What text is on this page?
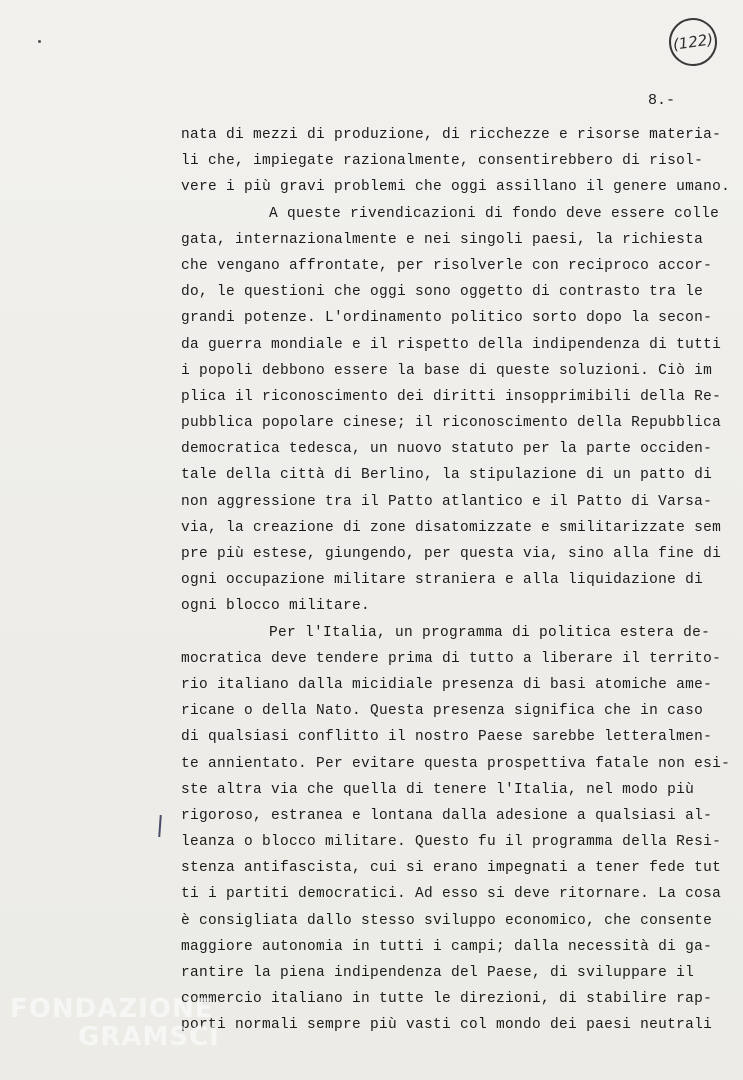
(122)
8.-
nata di mezzi di produzione, di ricchezze e risorse materia-
li che, impiegate razionalmente, consentirebbero di risol-
vere i più gravi problemi che oggi assillano il genere umano.
A queste rivendicazioni di fondo deve essere colle
gata, internazionalmente e nei singoli paesi, la richiesta
che vengano affrontate, per risolverle con reciproco accor-
do, le questioni che oggi sono oggetto di contrasto tra le
grandi potenze. L'ordinamento politico sorto dopo la secon-
da guerra mondiale e il rispetto della indipendenza di tutti
i popoli debbono essere la base di queste soluzioni. Ciò im
plica il riconoscimento dei diritti insopprimibili della Re-
pubblica popolare cinese; il riconoscimento della Repubblica
democratica tedesca, un nuovo statuto per la parte occiden-
tale della città di Berlino, la stipulazione di un patto di
non aggressione tra il Patto atlantico e il Patto di Varsa-
via, la creazione di zone disatomizzate e smilitarizzate sem
pre più estese, giungendo, per questa via, sino alla fine di
ogni occupazione militare straniera e alla liquidazione di
ogni blocco militare.
Per l'Italia, un programma di politica estera de-
mocratica deve tendere prima di tutto a liberare il territo-
rio italiano dalla micidiale presenza di basi atomiche ame-
ricane o della Nato. Questa presenza significa che in caso
di qualsiasi conflitto il nostro Paese sarebbe letteralmen-
te annientato. Per evitare questa prospettiva fatale non esi-
ste altra via che quella di tenere l'Italia, nel modo più
rigoroso, estranea e lontana dalla adesione a qualsiasi al-
leanza o blocco militare. Questo fu il programma della Resi-
stenza antifascista, cui si erano impegnati a tener fede tut
ti i partiti democratici. Ad esso si deve ritornare. La cosa
è consigliata dallo stesso sviluppo economico, che consente
maggiore autonomia in tutti i campi; dalla necessità di ga-
rantire la piena indipendenza del Paese, di sviluppare il
commercio italiano in tutte le direzioni, di stabilire rap-
porti normali sempre più vasti col mondo dei paesi neutrali
FONDAZIONE
GRAMSCI
